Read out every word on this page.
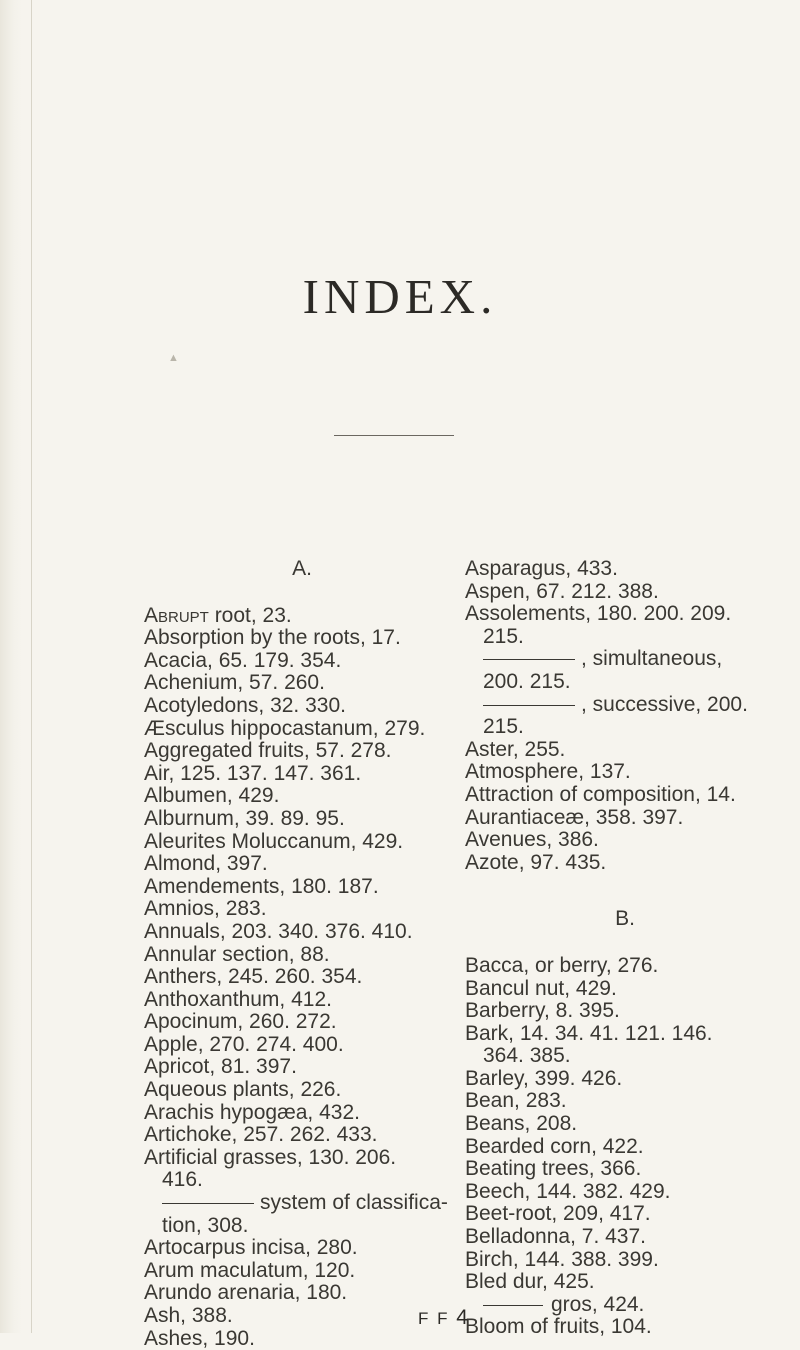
▲
INDEX.
A.
Abrupt root, 23.
Absorption by the roots, 17.
Acacia, 65. 179. 354.
Achenium, 57. 260.
Acotyledons, 32. 330.
Æsculus hippocastanum, 279.
Aggregated fruits, 57. 278.
Air, 125. 137. 147. 361.
Albumen, 429.
Alburnum, 39. 89. 95.
Aleurites Moluccanum, 429.
Almond, 397.
Amendements, 180. 187.
Amnios, 283.
Annuals, 203. 340. 376. 410.
Annular section, 88.
Anthers, 245. 260. 354.
Anthoxanthum, 412.
Apocinum, 260. 272.
Apple, 270. 274. 400.
Apricot, 81. 397.
Aqueous plants, 226.
Arachis hypogæa, 432.
Artichoke, 257. 262. 433.
Artificial grasses, 130. 206.
416.
system of classifica-
tion, 308.
Artocarpus incisa, 280.
Arum maculatum, 120.
Arundo arenaria, 180.
Ash, 388.
Ashes, 190.
Asparagus, 433.
Aspen, 67. 212. 388.
Assolements, 180. 200. 209.
215.
, simultaneous,
200. 215.
, successive, 200.
215.
Aster, 255.
Atmosphere, 137.
Attraction of composition, 14.
Aurantiaceæ, 358. 397.
Avenues, 386.
Azote, 97. 435.
B.
Bacca, or berry, 276.
Bancul nut, 429.
Barberry, 8. 395.
Bark, 14. 34. 41. 121. 146.
364. 385.
Barley, 399. 426.
Bean, 283.
Beans, 208.
Bearded corn, 422.
Beating trees, 366.
Beech, 144. 382. 429.
Beet-root, 209, 417.
Belladonna, 7. 437.
Birch, 144. 388. 399.
Bled dur, 425.
gros, 424.
Bloom of fruits, 104.
F F 4
